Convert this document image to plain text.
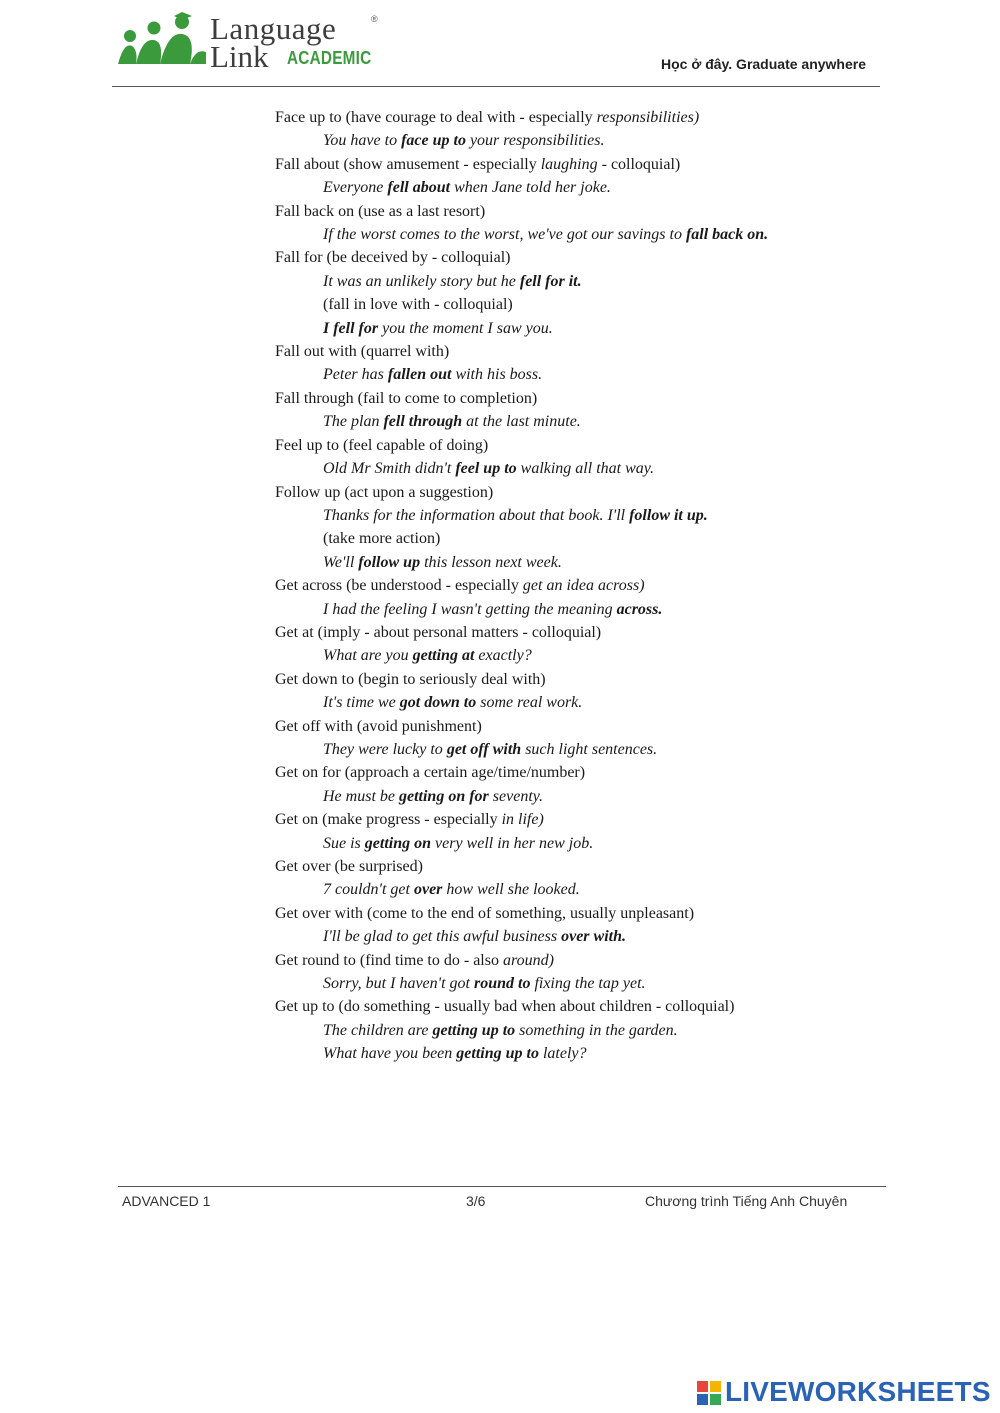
Language	®
Link ACADEMIC	Học ở đây. Graduate anywhere
Face up to (have courage to deal with - especially responsibilities)
You have to face up to your responsibilities.
Fall about (show amusement - especially laughing - colloquial)
Everyone fell about when Jane told her joke.
Fall back on (use as a last resort)
If the worst comes to the worst, we've got our savings to fall back on.
Fall for (be deceived by - colloquial)
It was an unlikely story but he fell for it.
(fall in love with - colloquial)
I fell for you the moment I saw you.
Fall out with (quarrel with)
Peter has fallen out with his boss.
Fall through (fail to come to completion)
The plan fell through at the last minute.
Feel up to (feel capable of doing)
Old Mr Smith didn't feel up to walking all that way.
Follow up (act upon a suggestion)
Thanks for the information about that book. I'll follow it up.
(take more action)
We'll follow up this lesson next week.
Get across (be understood - especially get an idea across)
I had the feeling I wasn't getting the meaning across.
Get at (imply - about personal matters - colloquial)
What are you getting at exactly?
Get down to (begin to seriously deal with)
It's time we got down to some real work.
Get off with (avoid punishment)
They were lucky to get off with such light sentences.
Get on for (approach a certain age/time/number)
He must be getting on for seventy.
Get on (make progress - especially in life)
Sue is getting on very well in her new job.
Get over (be surprised)
7 couldn't get over how well she looked.
Get over with (come to the end of something, usually unpleasant)
I'll be glad to get this awful business over with.
Get round to (find time to do - also around)
Sorry, but I haven't got round to fixing the tap yet.
Get up to (do something - usually bad when about children - colloquial)
The children are getting up to something in the garden.
What have you been getting up to lately?
ADVANCED 1	3/6	Chương trình Tiếng Anh Chuyên
LIVEWORKSHEETS
